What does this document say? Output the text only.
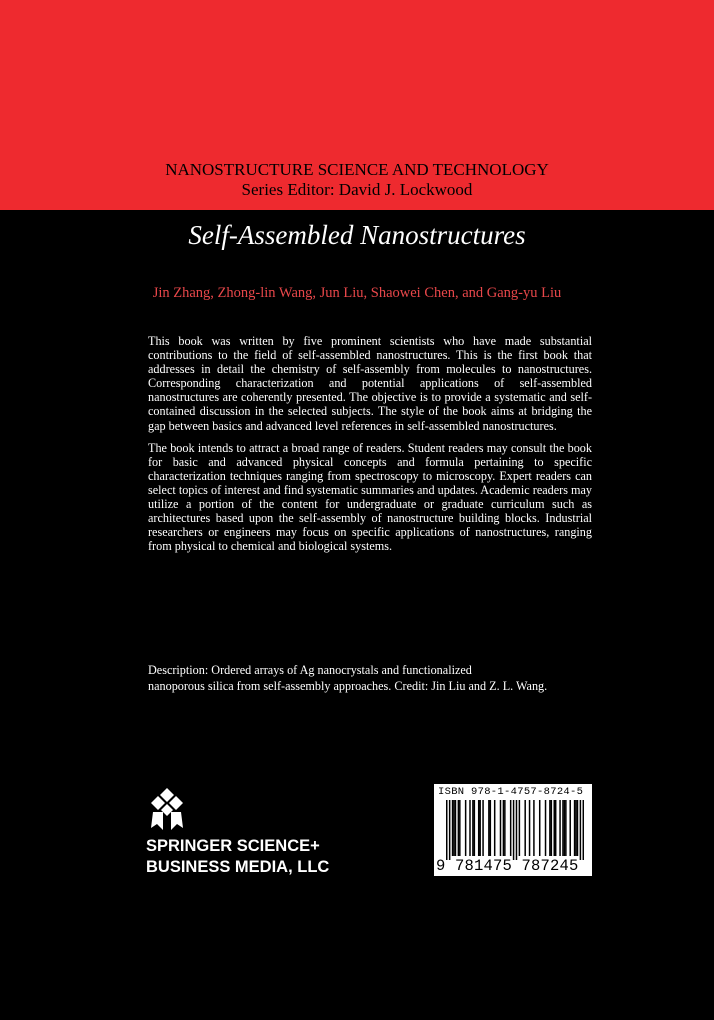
NANOSTRUCTURE SCIENCE AND TECHNOLOGY
Series Editor: David J. Lockwood
Self-Assembled Nanostructures
Jin Zhang, Zhong-lin Wang, Jun Liu, Shaowei Chen, and Gang-yu Liu

This book was written by five prominent scientists who have made substantial contributions to the field of self-assembled nanostructures. This is the first book that addresses in detail the chemistry of self-assembly from molecules to nanostructures. Corresponding characterization and potential applications of self-assembled nanostructures are coherently presented. The objective is to provide a systematic and self-contained discussion in the selected subjects. The style of the book aims at bridging the gap between basics and advanced level references in self-assembled nanostructures.

The book intends to attract a broad range of readers. Student readers may consult the book for basic and advanced physical concepts and formula pertaining to specific characterization techniques ranging from spectroscopy to microscopy. Expert readers can select topics of interest and find systematic summaries and updates. Academic readers may utilize a portion of the content for undergraduate or graduate curriculum such as architectures based upon the self-assembly of nanostructure building blocks. Industrial researchers or engineers may focus on specific applications of nanostructures, ranging from physical to chemical and biological systems.

Description: Ordered arrays of Ag nanocrystals and functionalized
nanoporous silica from self-assembly approaches. Credit: Jin Liu and Z. L. Wang.
SPRINGER SCIENCE+
BUSINESS MEDIA, LLC
ISBN 978-1-4757-8724-5
9 781475 787245
